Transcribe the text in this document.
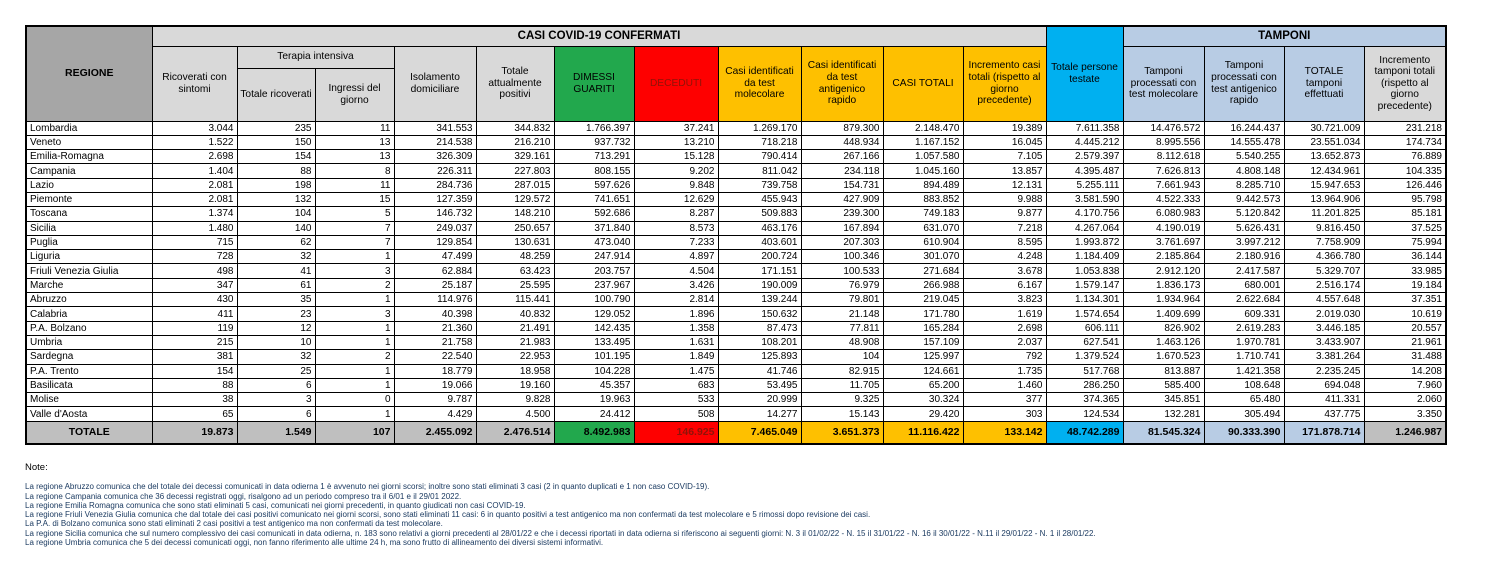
REGIONE	CASI COVID-19 CONFERMATI											Totale persone testate	TAMPONI			
	Ricoverati con sintomi	Terapia intensiva		Isolamento domiciliare	Totale attualmente positivi	DIMESSI GUARITI	DECEDUTI	Casi identificati da test molecolare	Casi identificati da test antigenico rapido	CASI TOTALI	Incremento casi totali (rispetto al giorno precedente)		Tamponi processati con test molecolare	Tamponi processati con test antigenico rapido	TOTALE tamponi effettuati	Incremento tamponi totali (rispetto al giorno precedente)
		Totale ricoverati	Ingressi del giorno													
Lombardia	3.044	235	11	341.553	344.832	1.766.397	37.241	1.269.170	879.300	2.148.470	19.389	7.611.358	14.476.572	16.244.437	30.721.009	231.218
Veneto	1.522	150	13	214.538	216.210	937.732	13.210	718.218	448.934	1.167.152	16.045	4.445.212	8.995.556	14.555.478	23.551.034	174.734
Emilia-Romagna	2.698	154	13	326.309	329.161	713.291	15.128	790.414	267.166	1.057.580	7.105	2.579.397	8.112.618	5.540.255	13.652.873	76.889
Campania	1.404	88	8	226.311	227.803	808.155	9.202	811.042	234.118	1.045.160	13.857	4.395.487	7.626.813	4.808.148	12.434.961	104.335
Lazio	2.081	198	11	284.736	287.015	597.626	9.848	739.758	154.731	894.489	12.131	5.255.111	7.661.943	8.285.710	15.947.653	126.446
Piemonte	2.081	132	15	127.359	129.572	741.651	12.629	455.943	427.909	883.852	9.988	3.581.590	4.522.333	9.442.573	13.964.906	95.798
Toscana	1.374	104	5	146.732	148.210	592.686	8.287	509.883	239.300	749.183	9.877	4.170.756	6.080.983	5.120.842	11.201.825	85.181
Sicilia	1.480	140	7	249.037	250.657	371.840	8.573	463.176	167.894	631.070	7.218	4.267.064	4.190.019	5.626.431	9.816.450	37.525
Puglia	715	62	7	129.854	130.631	473.040	7.233	403.601	207.303	610.904	8.595	1.993.872	3.761.697	3.997.212	7.758.909	75.994
Liguria	728	32	1	47.499	48.259	247.914	4.897	200.724	100.346	301.070	4.248	1.184.409	2.185.864	2.180.916	4.366.780	36.144
Friuli Venezia Giulia	498	41	3	62.884	63.423	203.757	4.504	171.151	100.533	271.684	3.678	1.053.838	2.912.120	2.417.587	5.329.707	33.985
Marche	347	61	2	25.187	25.595	237.967	3.426	190.009	76.979	266.988	6.167	1.579.147	1.836.173	680.001	2.516.174	19.184
Abruzzo	430	35	1	114.976	115.441	100.790	2.814	139.244	79.801	219.045	3.823	1.134.301	1.934.964	2.622.684	4.557.648	37.351
Calabria	411	23	3	40.398	40.832	129.052	1.896	150.632	21.148	171.780	1.619	1.574.654	1.409.699	609.331	2.019.030	10.619
P.A. Bolzano	119	12	1	21.360	21.491	142.435	1.358	87.473	77.811	165.284	2.698	606.111	826.902	2.619.283	3.446.185	20.557
Umbria	215	10	1	21.758	21.983	133.495	1.631	108.201	48.908	157.109	2.037	627.541	1.463.126	1.970.781	3.433.907	21.961
Sardegna	381	32	2	22.540	22.953	101.195	1.849	125.893	104	125.997	792	1.379.524	1.670.523	1.710.741	3.381.264	31.488
P.A. Trento	154	25	1	18.779	18.958	104.228	1.475	41.746	82.915	124.661	1.735	517.768	813.887	1.421.358	2.235.245	14.208
Basilicata	88	6	1	19.066	19.160	45.357	683	53.495	11.705	65.200	1.460	286.250	585.400	108.648	694.048	7.960
Molise	38	3	0	9.787	9.828	19.963	533	20.999	9.325	30.324	377	374.365	345.851	65.480	411.331	2.060
Valle d'Aosta	65	6	1	4.429	4.500	24.412	508	14.277	15.143	29.420	303	124.534	132.281	305.494	437.775	3.350
TOTALE	19.873	1.549	107	2.455.092	2.476.514	8.492.983	146.925	7.465.049	3.651.373	11.116.422	133.142	48.742.289	81.545.324	90.333.390	171.878.714	1.246.987
Note:
La regione Abruzzo comunica che del totale dei decessi comunicati in data odierna 1 è avvenuto nei giorni scorsi; inoltre sono stati eliminati 3 casi (2 in quanto duplicati e 1 non caso COVID-19).
La regione Campania comunica che 36 decessi registrati oggi, risalgono ad un periodo compreso tra il 6/01 e il 29/01 2022.
La regione Emilia Romagna comunica che sono stati eliminati 5 casi, comunicati nei giorni precedenti, in quanto giudicati non casi COVID-19.
La regione Friuli Venezia Giulia comunica che dal totale dei casi positivi comunicato nei giorni scorsi, sono stati eliminati 11 casi: 6 in quanto positivi a test antigenico ma non confermati da test molecolare e 5 rimossi dopo revisione dei casi.
La P.A. di Bolzano comunica sono stati eliminati 2 casi positivi a test antigenico ma non confermati da test molecolare.
La regione Sicilia comunica che sul numero complessivo dei casi comunicati in data odierna, n. 183 sono relativi a giorni precedenti al 28/01/22 e che i decessi riportati in data odierna si riferiscono ai seguenti giorni: N. 3 il 01/02/22 - N. 15 il 31/01/22 - N. 16 il 30/01/22 - N.11 il 29/01/22 - N. 1 il 28/01/22.
La regione Umbria comunica che 5 dei decessi comunicati oggi, non fanno riferimento alle ultime 24 h, ma sono frutto di allineamento dei diversi sistemi informativi.
